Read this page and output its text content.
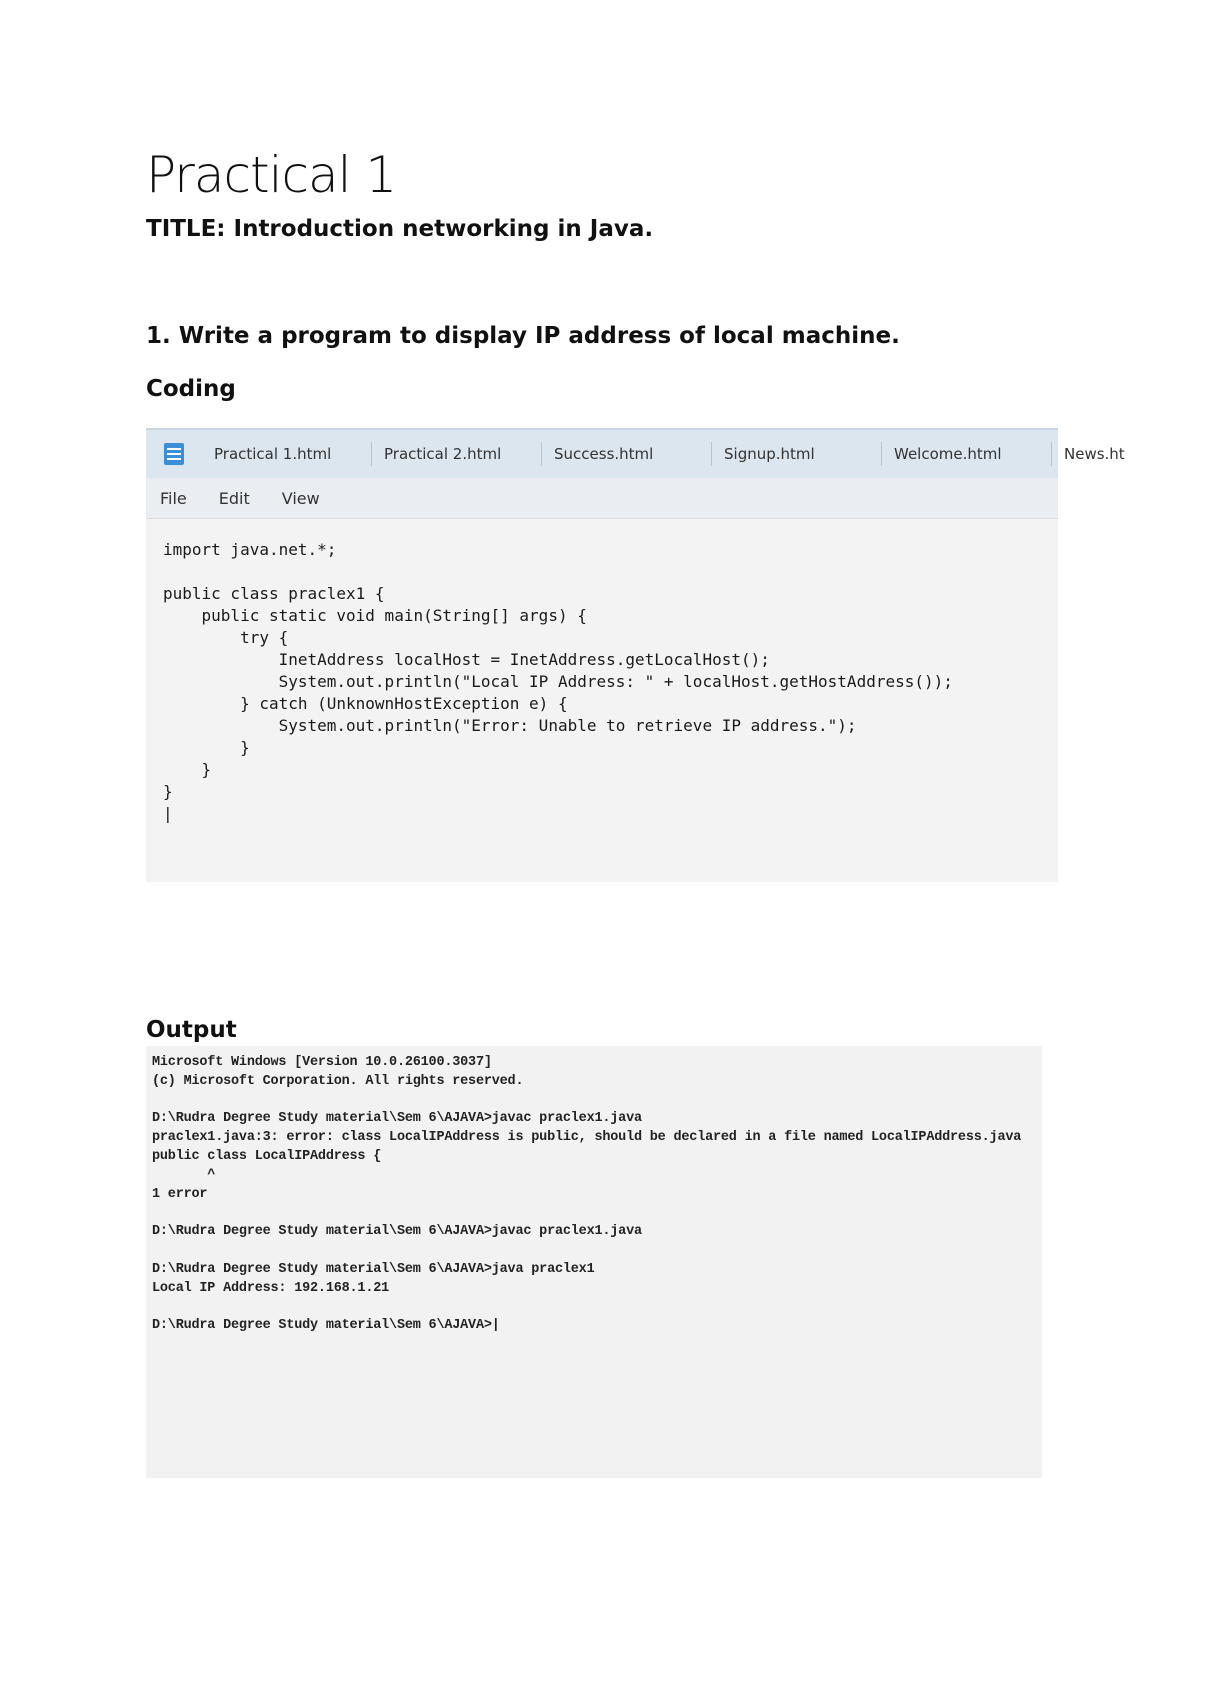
Practical 1

TITLE: Introduction networking in Java.

1. Write a program to display IP address of local machine.

Coding

Practical 1.html	Practical 2.html	Success.html	Signup.html	Welcome.html	News.ht
File Edit View
import java.net.*;

public class praclex1 {
public static void main(String[] args) {
try {
InetAddress localHost = InetAddress.getLocalHost();
System.out.println("Local IP Address: " + localHost.getHostAddress());
} catch (UnknownHostException e) {
System.out.println("Error: Unable to retrieve IP address.");
}
}
}
|

Output

Microsoft Windows [Version 10.0.26100.3037]
(c) Microsoft Corporation. All rights reserved.

D:\Rudra Degree Study material\Sem 6\AJAVA>javac praclex1.java
praclex1.java:3: error: class LocalIPAddress is public, should be declared in a file named LocalIPAddress.java
public class LocalIPAddress {
^
1 error

D:\Rudra Degree Study material\Sem 6\AJAVA>javac praclex1.java

D:\Rudra Degree Study material\Sem 6\AJAVA>java praclex1
Local IP Address: 192.168.1.21

D:\Rudra Degree Study material\Sem 6\AJAVA>|
